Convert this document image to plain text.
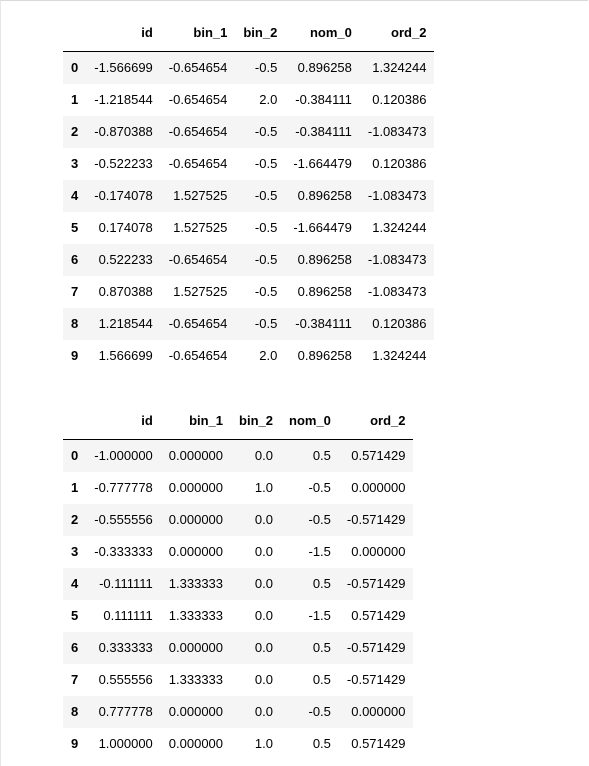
	id	bin_1	bin_2	nom_0	ord_2
0	-1.566699	-0.654654	-0.5	0.896258	1.324244
1	-1.218544	-0.654654	2.0	-0.384111	0.120386
2	-0.870388	-0.654654	-0.5	-0.384111	-1.083473
3	-0.522233	-0.654654	-0.5	-1.664479	0.120386
4	-0.174078	1.527525	-0.5	0.896258	-1.083473
5	0.174078	1.527525	-0.5	-1.664479	1.324244
6	0.522233	-0.654654	-0.5	0.896258	-1.083473
7	0.870388	1.527525	-0.5	0.896258	-1.083473
8	1.218544	-0.654654	-0.5	-0.384111	0.120386
9	1.566699	-0.654654	2.0	0.896258	1.324244
	id	bin_1	bin_2	nom_0	ord_2
0	-1.000000	0.000000	0.0	0.5	0.571429
1	-0.777778	0.000000	1.0	-0.5	0.000000
2	-0.555556	0.000000	0.0	-0.5	-0.571429
3	-0.333333	0.000000	0.0	-1.5	0.000000
4	-0.111111	1.333333	0.0	0.5	-0.571429
5	0.111111	1.333333	0.0	-1.5	0.571429
6	0.333333	0.000000	0.0	0.5	-0.571429
7	0.555556	1.333333	0.0	0.5	-0.571429
8	0.777778	0.000000	0.0	-0.5	0.000000
9	1.000000	0.000000	1.0	0.5	0.571429
